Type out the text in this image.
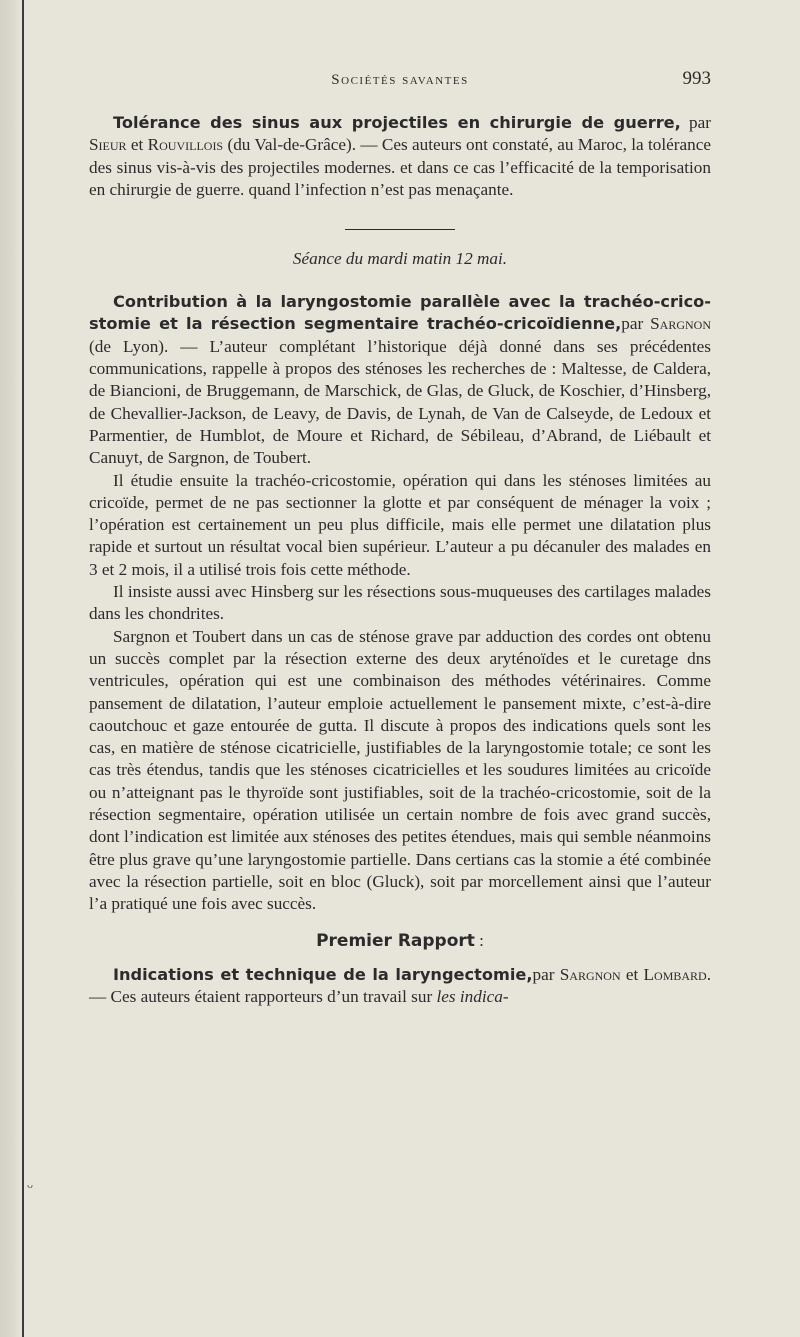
Sociétés savantes	993

Tolérance des sinus aux projectiles en chirurgie de guerre, par Sieur et Rouvillois (du Val-de-Grâce). — Ces auteurs ont constaté, au Maroc, la tolérance des sinus vis-à-vis des projectiles modernes. et dans ce cas l’efficacité de la temporisation en chirurgie de guerre. quand l’infection n’est pas menaçante.

Séance du mardi matin 12 mai.

Contribution à la laryngostomie parallèle avec la trachéo-crico-stomie et la résection segmentaire trachéo-cricoïdienne,par Sargnon (de Lyon). — L’auteur complétant l’historique déjà donné dans ses précédentes communications, rappelle à propos des sténoses les recherches de : Maltesse, de Caldera, de Biancioni, de Bruggemann, de Marschick, de Glas, de Gluck, de Koschier, d’Hinsberg, de Chevallier-Jackson, de Leavy, de Davis, de Lynah, de Van de Calseyde, de Ledoux et Parmentier, de Humblot, de Moure et Richard, de Sébileau, d’Abrand, de Liébault et Canuyt, de Sargnon, de Toubert.

Il étudie ensuite la trachéo-cricostomie, opération qui dans les sténoses limitées au cricoïde, permet de ne pas sectionner la glotte et par conséquent de ménager la voix ; l’opération est certainement un peu plus difficile, mais elle permet une dilatation plus rapide et surtout un résultat vocal bien supérieur. L’auteur a pu décanuler des malades en 3 et 2 mois, il a utilisé trois fois cette méthode.

Il insiste aussi avec Hinsberg sur les résections sous-muqueuses des cartilages malades dans les chondrites.

Sargnon et Toubert dans un cas de sténose grave par adduction des cordes ont obtenu un succès complet par la résection externe des deux aryténoïdes et le curetage dns ventricules, opération qui est une combinaison des méthodes vétérinaires. Comme pansement de dilatation, l’auteur emploie actuellement le pansement mixte, c’est-à-dire caoutchouc et gaze entourée de gutta. Il discute à propos des indications quels sont les cas, en matière de sténose cicatricielle, justifiables de la laryngostomie totale; ce sont les cas très étendus, tandis que les sténoses cicatricielles et les soudures limitées au cricoïde ou n’atteignant pas le thyroïde sont justifiables, soit de la trachéo-cricostomie, soit de la résection segmentaire, opération utilisée un certain nombre de fois avec grand succès, dont l’indication est limitée aux sténoses des petites étendues, mais qui semble néanmoins être plus grave qu’une laryngostomie partielle. Dans certians cas la stomie a été combinée avec la résection partielle, soit en bloc (Gluck), soit par morcellement ainsi que l’auteur l’a pratiqué une fois avec succès.

Premier Rapport :

Indications et technique de la laryngectomie,par Sargnon et Lombard. — Ces auteurs étaient rapporteurs d’un travail sur les indica-

ᴗ
